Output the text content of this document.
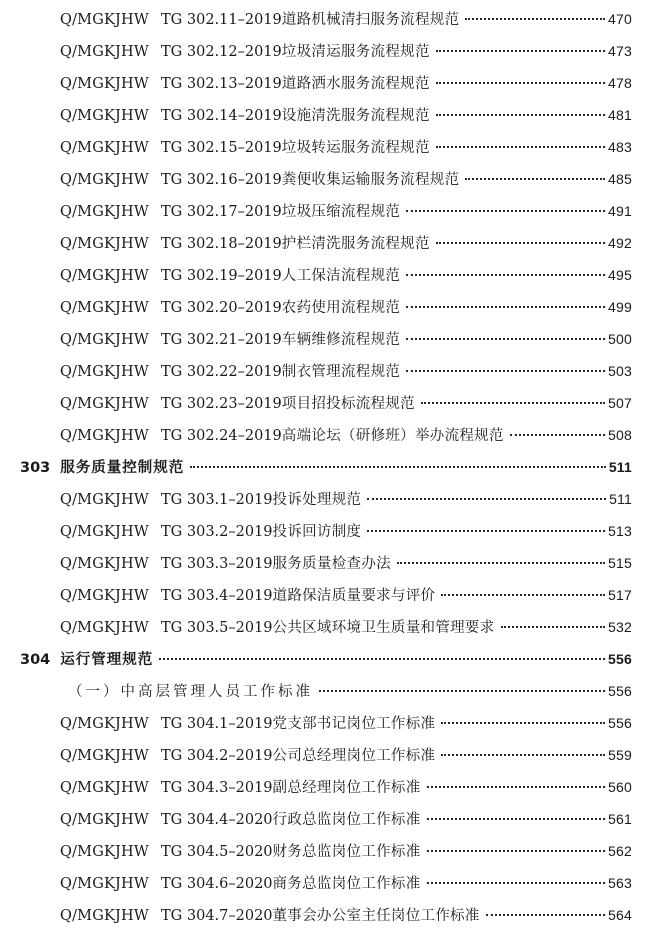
Q/MGKJHW TG 302.11–2019 道路机械清扫服务流程规范	470
Q/MGKJHW TG 302.12–2019 垃圾清运服务流程规范	473
Q/MGKJHW TG 302.13–2019 道路洒水服务流程规范	478
Q/MGKJHW TG 302.14–2019 设施清洗服务流程规范	481
Q/MGKJHW TG 302.15–2019 垃圾转运服务流程规范	483
Q/MGKJHW TG 302.16–2019 粪便收集运输服务流程规范	485
Q/MGKJHW TG 302.17–2019 垃圾压缩流程规范	491
Q/MGKJHW TG 302.18–2019 护栏清洗服务流程规范	492
Q/MGKJHW TG 302.19–2019 人工保洁流程规范	495
Q/MGKJHW TG 302.20–2019 农药使用流程规范	499
Q/MGKJHW TG 302.21–2019 车辆维修流程规范	500
Q/MGKJHW TG 302.22–2019 制衣管理流程规范	503
Q/MGKJHW TG 302.23–2019 项目招投标流程规范	507
Q/MGKJHW TG 302.24–2019 高端论坛（研修班）举办流程规范	508
303 服务质量控制规范	511
Q/MGKJHW TG 303.1–2019 投诉处理规范	511
Q/MGKJHW TG 303.2–2019 投诉回访制度	513
Q/MGKJHW TG 303.3–2019 服务质量检查办法	515
Q/MGKJHW TG 303.4–2019 道路保洁质量要求与评价	517
Q/MGKJHW TG 303.5–2019 公共区域环境卫生质量和管理要求	532
304 运行管理规范	556
（一）中高层管理人员工作标准	556
Q/MGKJHW TG 304.1–2019 党支部书记岗位工作标准	556
Q/MGKJHW TG 304.2–2019 公司总经理岗位工作标准	559
Q/MGKJHW TG 304.3–2019 副总经理岗位工作标准	560
Q/MGKJHW TG 304.4–2020 行政总监岗位工作标准	561
Q/MGKJHW TG 304.5–2020 财务总监岗位工作标准	562
Q/MGKJHW TG 304.6–2020 商务总监岗位工作标准	563
Q/MGKJHW TG 304.7–2020 董事会办公室主任岗位工作标准	564
